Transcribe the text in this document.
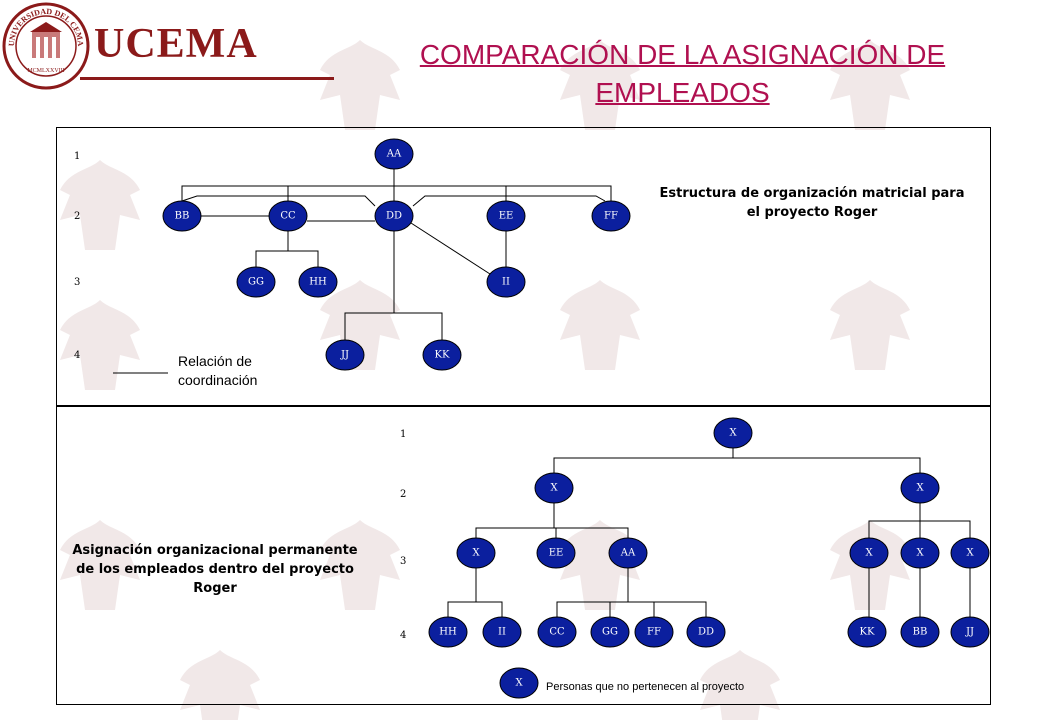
UNIVERSIDAD DEL CEMA
MCMLXXVIII
UCEMA	COMPARACIÓN DE LA ASIGNACIÓN DE
EMPLEADOS
AA
BB	CC	DD	EE	FF
GG	HH	II
JJ	KK
X
X	X
X	EE	AA	X	X	X
HH	II	CC	GG	FF	DD	KK	BB	JJ
X
1
2
3
4
Estructura de organización matricial para
el proyecto Roger
Relación de
coordinación
1
2
3
4
Asignación organizacional permanente
de los empleados dentro del proyecto
Roger
Personas que no pertenecen al proyecto
